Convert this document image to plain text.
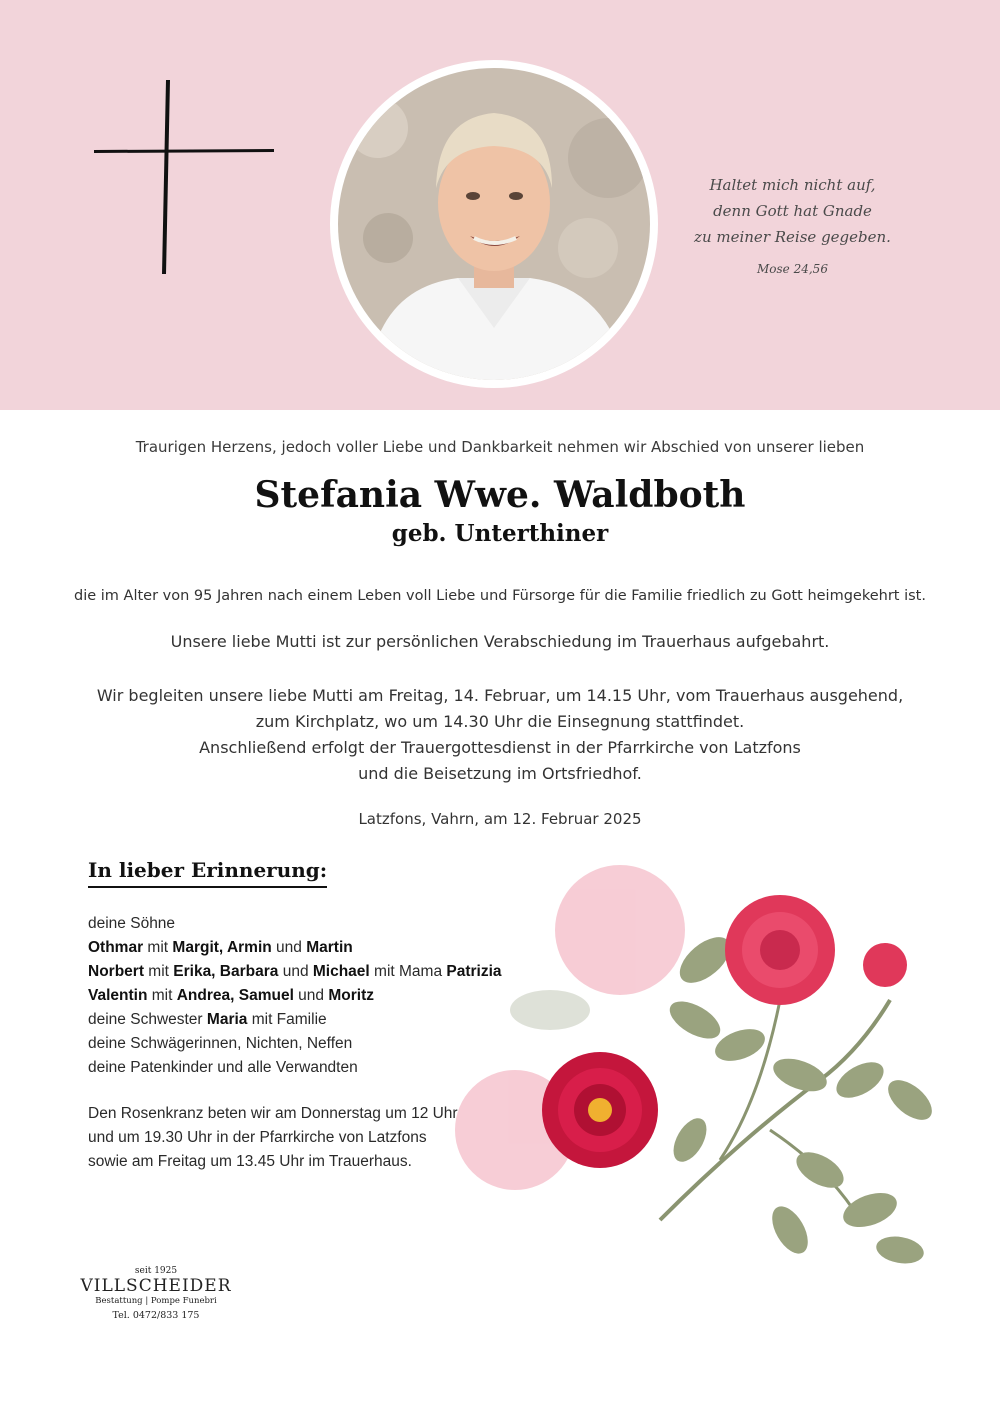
Haltet mich nicht auf,
denn Gott hat Gnade
zu meiner Reise gegeben.
Mose 24,56
Traurigen Herzens, jedoch voller Liebe und Dankbarkeit nehmen wir Abschied von unserer lieben
Stefania Wwe. Waldboth
geb. Unterthiner
die im Alter von 95 Jahren nach einem Leben voll Liebe und Fürsorge für die Familie friedlich zu Gott heimgekehrt ist.
Unsere liebe Mutti ist zur persönlichen Verabschiedung im Trauerhaus aufgebahrt.
Wir begleiten unsere liebe Mutti am Freitag, 14. Februar, um 14.15 Uhr, vom Trauerhaus ausgehend,
zum Kirchplatz, wo um 14.30 Uhr die Einsegnung stattfindet.
Anschließend erfolgt der Trauergottesdienst in der Pfarrkirche von Latzfons
und die Beisetzung im Ortsfriedhof.
Latzfons, Vahrn, am 12. Februar 2025
In lieber Erinnerung:
deine Söhne
Othmar mit Margit, Armin und Martin
Norbert mit Erika, Barbara und Michael mit Mama Patrizia
Valentin mit Andrea, Samuel und Moritz
deine Schwester Maria mit Familie
deine Schwägerinnen, Nichten, Neffen
deine Patenkinder und alle Verwandten
Den Rosenkranz beten wir am Donnerstag um 12 Uhr
und um 19.30 Uhr in der Pfarrkirche von Latzfons
sowie am Freitag um 13.45 Uhr im Trauerhaus.
seit 1925
VILLSCHEIDER
Bestattung | Pompe Funebri
Tel. 0472/833 175
